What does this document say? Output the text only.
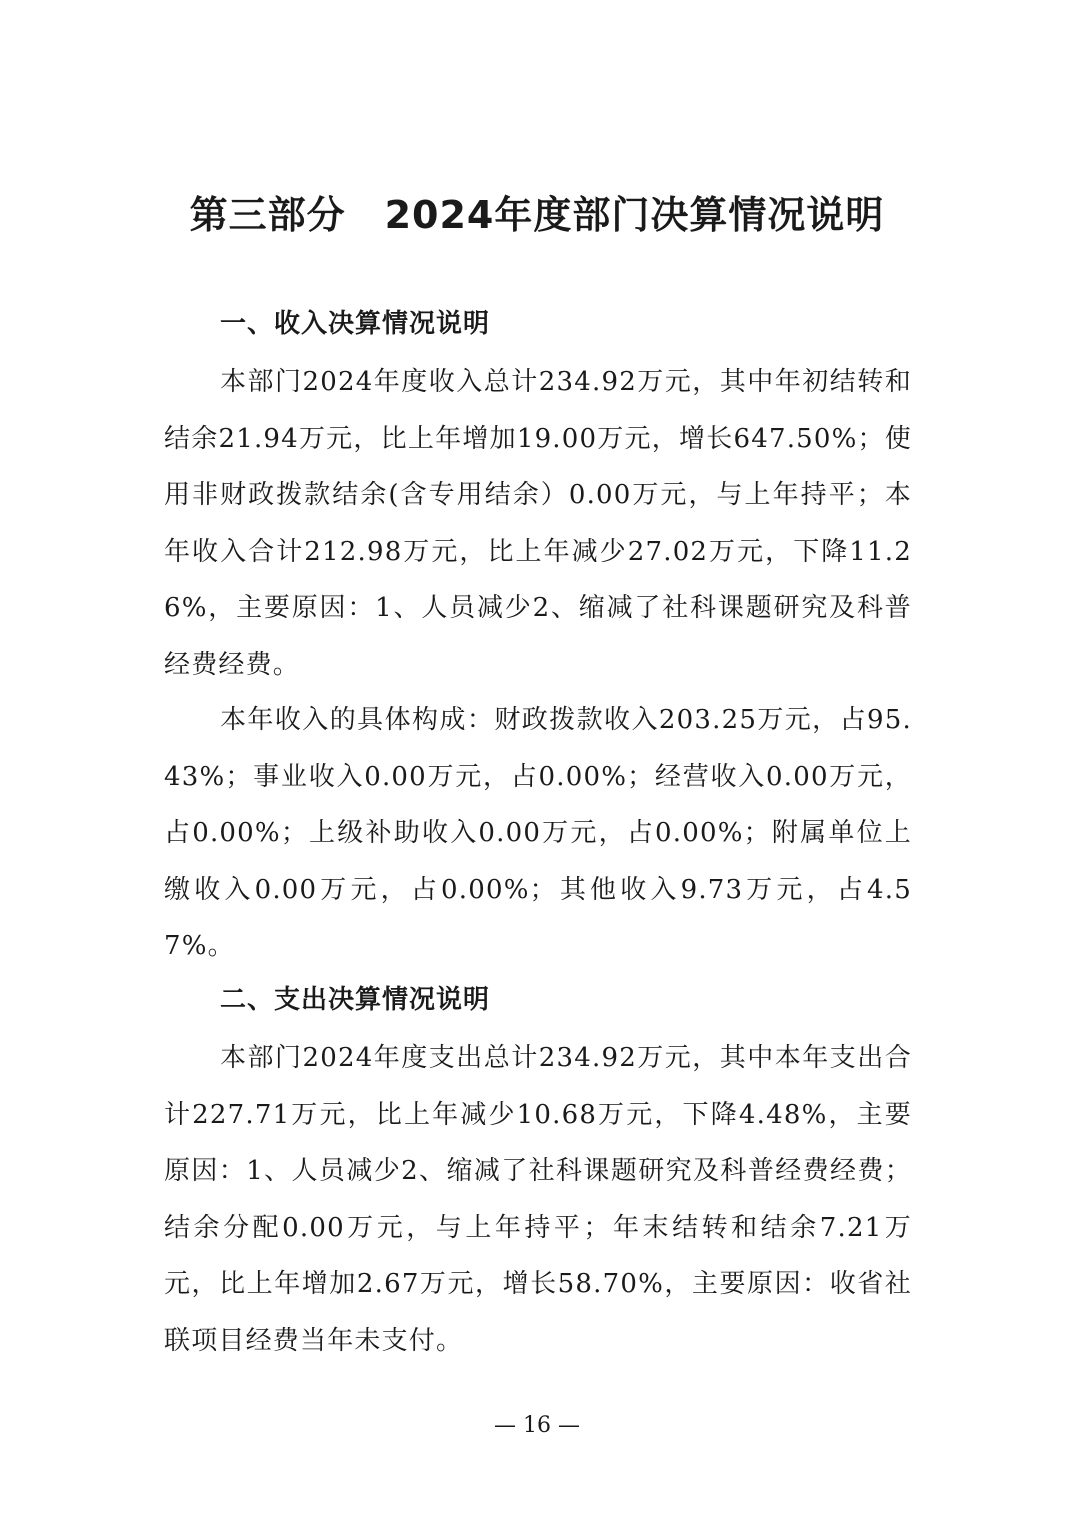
第三部分　2024年度部门决算情况说明
一、收入决算情况说明
本部门2024年度收入总计234.92万元，其中年初结转和结余21.94万元，比上年增加19.00万元，增长647.50%；使用非财政拨款结余(含专用结余）0.00万元，与上年持平；本年收入合计212.98万元，比上年减少27.02万元，下降11.26%，主要原因：1、人员减少2、缩减了社科课题研究及科普经费经费。
本年收入的具体构成：财政拨款收入203.25万元，占95.43%；事业收入0.00万元，占0.00%；经营收入0.00万元，占0.00%；上级补助收入0.00万元，占0.00%；附属单位上缴收入0.00万元，占0.00%；其他收入9.73万元，占4.57%。
二、支出决算情况说明
本部门2024年度支出总计234.92万元，其中本年支出合计227.71万元，比上年减少10.68万元，下降4.48%，主要原因：1、人员减少2、缩减了社科课题研究及科普经费经费；结余分配0.00万元，与上年持平；年末结转和结余7.21万元，比上年增加2.67万元，增长58.70%，主要原因：收省社联项目经费当年未支付。
— 16 —
